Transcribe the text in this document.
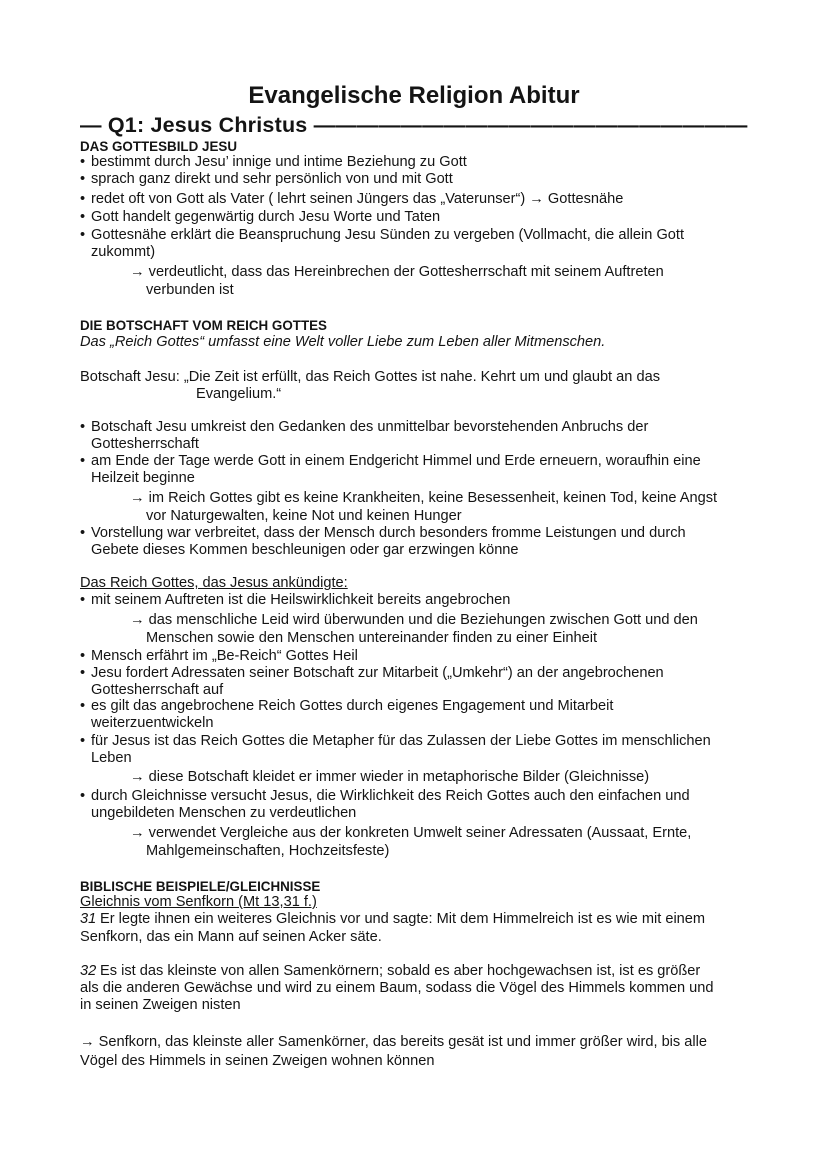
Evangelische Religion Abitur
— Q1: Jesus Christus ————————————————————
DAS GOTTESBILD JESU
• bestimmt durch Jesu’ innige und intime Beziehung zu Gott
• sprach ganz direkt und sehr persönlich von und mit Gott
• redet oft von Gott als Vater ( lehrt seinen Jüngers das „Vaterunser“) → Gottesnähe
• Gott handelt gegenwärtig durch Jesu Worte und Taten
• Gottesnähe erklärt die Beanspruchung Jesu Sünden zu vergeben (Vollmacht, die allein Gott
zukommt)
→ verdeutlicht, dass das Hereinbrechen der Gottesherrschaft mit seinem Auftreten
verbunden ist
DIE BOTSCHAFT VOM REICH GOTTES
Das „Reich Gottes“ umfasst eine Welt voller Liebe zum Leben aller Mitmenschen.
Botschaft Jesu: „Die Zeit ist erfüllt, das Reich Gottes ist nahe. Kehrt um und glaubt an das
Evangelium.“
• Botschaft Jesu umkreist den Gedanken des unmittelbar bevorstehenden Anbruchs der
Gottesherrschaft
• am Ende der Tage werde Gott in einem Endgericht Himmel und Erde erneuern, woraufhin eine
Heilzeit beginne
→ im Reich Gottes gibt es keine Krankheiten, keine Besessenheit, keinen Tod, keine Angst
vor Naturgewalten, keine Not und keinen Hunger
• Vorstellung war verbreitet, dass der Mensch durch besonders fromme Leistungen und durch
Gebete dieses Kommen beschleunigen oder gar erzwingen könne
Das Reich Gottes, das Jesus ankündigte:
• mit seinem Auftreten ist die Heilswirklichkeit bereits angebrochen
→ das menschliche Leid wird überwunden und die Beziehungen zwischen Gott und den
Menschen sowie den Menschen untereinander finden zu einer Einheit
• Mensch erfährt im „Be-Reich“ Gottes Heil
• Jesu fordert Adressaten seiner Botschaft zur Mitarbeit („Umkehr“) an der angebrochenen
Gottesherrschaft auf
• es gilt das angebrochene Reich Gottes durch eigenes Engagement und Mitarbeit
weiterzuentwickeln
• für Jesus ist das Reich Gottes die Metapher für das Zulassen der Liebe Gottes im menschlichen
Leben
→ diese Botschaft kleidet er immer wieder in metaphorische Bilder (Gleichnisse)
• durch Gleichnisse versucht Jesus, die Wirklichkeit des Reich Gottes auch den einfachen und
ungebildeten Menschen zu verdeutlichen
→ verwendet Vergleiche aus der konkreten Umwelt seiner Adressaten (Aussaat, Ernte,
Mahlgemeinschaften, Hochzeitsfeste)
BIBLISCHE BEISPIELE/GLEICHNISSE
Gleichnis vom Senfkorn (Mt 13,31 f.)
31 Er legte ihnen ein weiteres Gleichnis vor und sagte: Mit dem Himmelreich ist es wie mit einem
Senfkorn, das ein Mann auf seinen Acker säte.
32 Es ist das kleinste von allen Samenkörnern; sobald es aber hochgewachsen ist, ist es größer
als die anderen Gewächse und wird zu einem Baum, sodass die Vögel des Himmels kommen und
in seinen Zweigen nisten
→ Senfkorn, das kleinste aller Samenkörner, das bereits gesät ist und immer größer wird, bis alle
Vögel des Himmels in seinen Zweigen wohnen können
